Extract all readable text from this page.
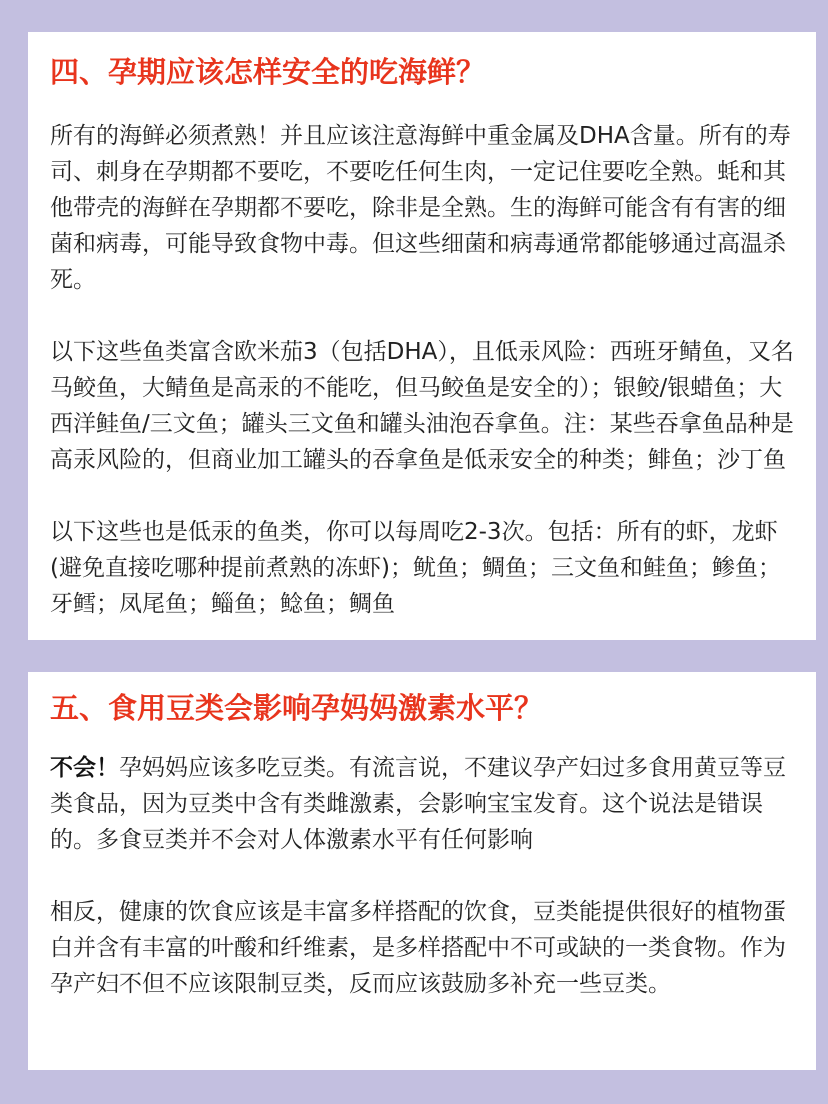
四、孕期应该怎样安全的吃海鲜？

所有的海鲜必须煮熟！并且应该注意海鲜中重金属及DHA含量。所有的寿司、刺身在孕期都不要吃，不要吃任何生肉，一定记住要吃全熟。蚝和其他带壳的海鲜在孕期都不要吃，除非是全熟。生的海鲜可能含有有害的细菌和病毒，可能导致食物中毒。但这些细菌和病毒通常都能够通过高温杀死。

以下这些鱼类富含欧米茄3（包括DHA），且低汞风险：西班牙鲭鱼，又名马鲛鱼，大鲭鱼是高汞的不能吃，但马鲛鱼是安全的）；银鲛/银蜡鱼；大西洋鲑鱼/三文鱼；罐头三文鱼和罐头油泡吞拿鱼。注：某些吞拿鱼品种是高汞风险的，但商业加工罐头的吞拿鱼是低汞安全的种类；鲱鱼；沙丁鱼

以下这些也是低汞的鱼类，你可以每周吃2-3次。包括：所有的虾，龙虾 (避免直接吃哪种提前煮熟的冻虾)；鱿鱼；鲷鱼；三文鱼和鲑鱼；鲹鱼；牙鳕；凤尾鱼；鲻鱼；鲶鱼；鲷鱼

五、食用豆类会影响孕妈妈激素水平？

不会！孕妈妈应该多吃豆类。有流言说，不建议孕产妇过多食用黄豆等豆类食品，因为豆类中含有类雌激素，会影响宝宝发育。这个说法是错误的。多食豆类并不会对人体激素水平有任何影响

相反，健康的饮食应该是丰富多样搭配的饮食，豆类能提供很好的植物蛋白并含有丰富的叶酸和纤维素，是多样搭配中不可或缺的一类食物。作为孕产妇不但不应该限制豆类，反而应该鼓励多补充一些豆类。
